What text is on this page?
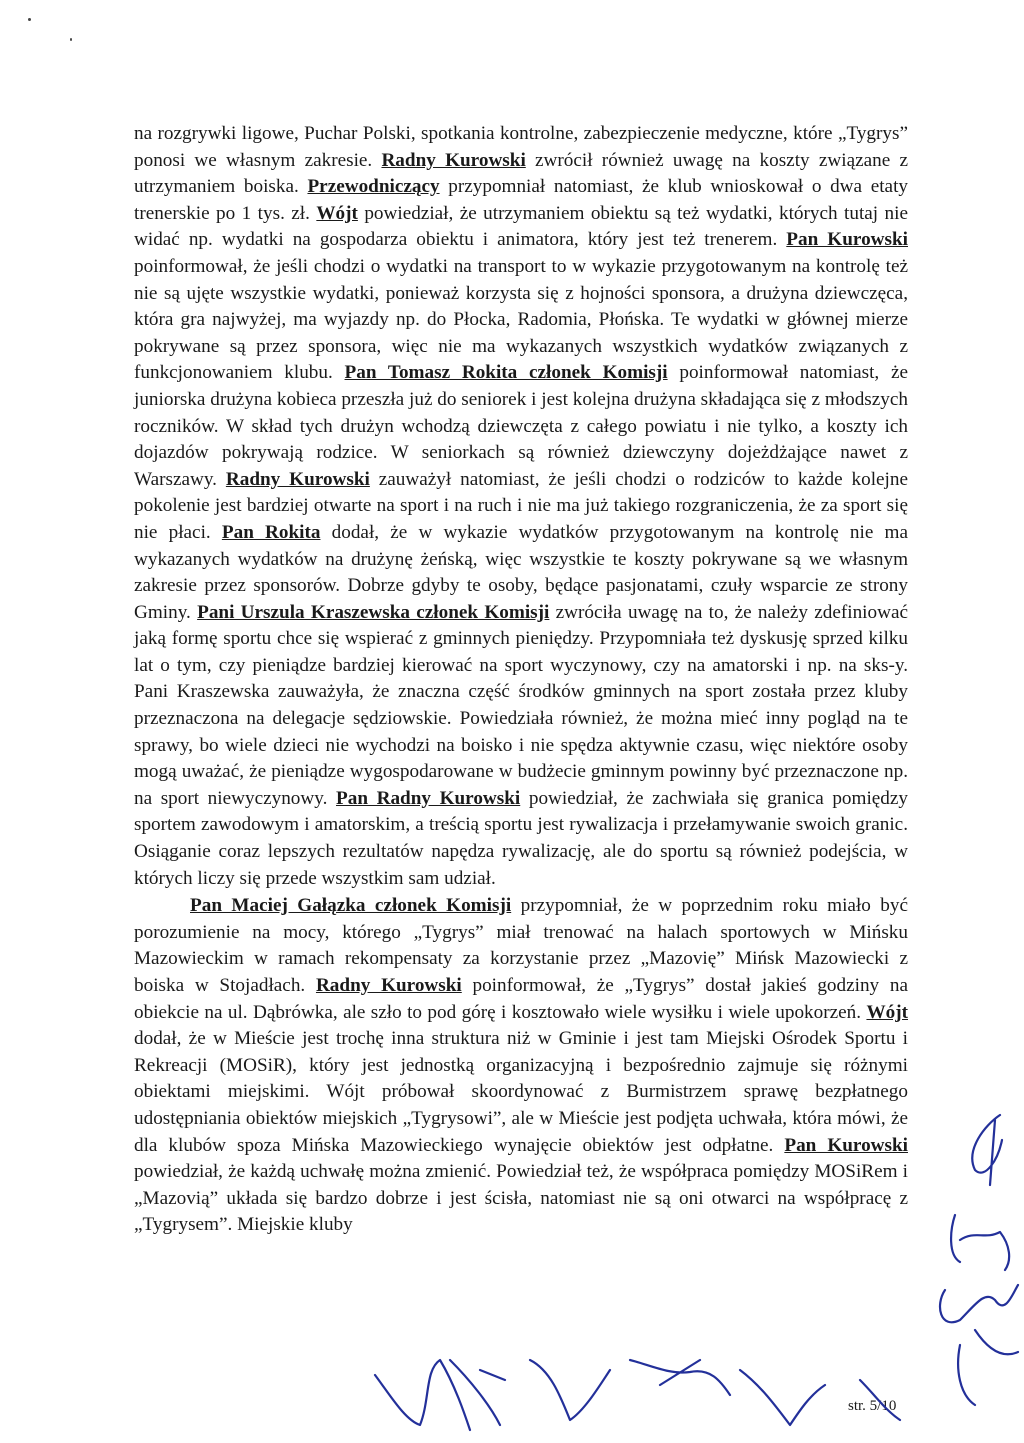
na rozgrywki ligowe, Puchar Polski, spotkania kontrolne, zabezpieczenie medyczne, które „Tygrys” ponosi we własnym zakresie. Radny Kurowski zwrócił również uwagę na koszty związane z utrzymaniem boiska. Przewodniczący przypomniał natomiast, że klub wnioskował o dwa etaty trenerskie po 1 tys. zł. Wójt powiedział, że utrzymaniem obiektu są też wydatki, których tutaj nie widać np. wydatki na gospodarza obiektu i animatora, który jest też trenerem. Pan Kurowski poinformował, że jeśli chodzi o wydatki na transport to w wykazie przygotowanym na kontrolę też nie są ujęte wszystkie wydatki, ponieważ korzysta się z hojności sponsora, a drużyna dziewczęca, która gra najwyżej, ma wyjazdy np. do Płocka, Radomia, Płońska. Te wydatki w głównej mierze pokrywane są przez sponsora, więc nie ma wykazanych wszystkich wydatków związanych z funkcjonowaniem klubu. Pan Tomasz Rokita członek Komisji poinformował natomiast, że juniorska drużyna kobieca przeszła już do seniorek i jest kolejna drużyna składająca się z młodszych roczników. W skład tych drużyn wchodzą dziewczęta z całego powiatu i nie tylko, a koszty ich dojazdów pokrywają rodzice. W seniorkach są również dziewczyny dojeżdżające nawet z Warszawy. Radny Kurowski zauważył natomiast, że jeśli chodzi o rodziców to każde kolejne pokolenie jest bardziej otwarte na sport i na ruch i nie ma już takiego rozgraniczenia, że za sport się nie płaci. Pan Rokita dodał, że w wykazie wydatków przygotowanym na kontrolę nie ma wykazanych wydatków na drużynę żeńską, więc wszystkie te koszty pokrywane są we własnym zakresie przez sponsorów. Dobrze gdyby te osoby, będące pasjonatami, czuły wsparcie ze strony Gminy. Pani Urszula Kraszewska członek Komisji zwróciła uwagę na to, że należy zdefiniować jaką formę sportu chce się wspierać z gminnych pieniędzy. Przypomniała też dyskusję sprzed kilku lat o tym, czy pieniądze bardziej kierować na sport wyczynowy, czy na amatorski i np. na sks-y. Pani Kraszewska zauważyła, że znaczna część środków gminnych na sport została przez kluby przeznaczona na delegacje sędziowskie. Powiedziała również, że można mieć inny pogląd na te sprawy, bo wiele dzieci nie wychodzi na boisko i nie spędza aktywnie czasu, więc niektóre osoby mogą uważać, że pieniądze wygospodarowane w budżecie gminnym powinny być przeznaczone np. na sport niewyczynowy. Pan Radny Kurowski powiedział, że zachwiała się granica pomiędzy sportem zawodowym i amatorskim, a treścią sportu jest rywalizacja i przełamywanie swoich granic. Osiąganie coraz lepszych rezultatów napędza rywalizację, ale do sportu są również podejścia, w których liczy się przede wszystkim sam udział.

Pan Maciej Gałązka członek Komisji przypomniał, że w poprzednim roku miało być porozumienie na mocy, którego „Tygrys” miał trenować na halach sportowych w Mińsku Mazowieckim w ramach rekompensaty za korzystanie przez „Mazovię” Mińsk Mazowiecki z boiska w Stojadłach. Radny Kurowski poinformował, że „Tygrys” dostał jakieś godziny na obiekcie na ul. Dąbrówka, ale szło to pod górę i kosztowało wiele wysiłku i wiele upokorzeń. Wójt dodał, że w Mieście jest trochę inna struktura niż w Gminie i jest tam Miejski Ośrodek Sportu i Rekreacji (MOSiR), który jest jednostką organizacyjną i bezpośrednio zajmuje się różnymi obiektami miejskimi. Wójt próbował skoordynować z Burmistrzem sprawę bezpłatnego udostępniania obiektów miejskich „Tygrysowi”, ale w Mieście jest podjęta uchwała, która mówi, że dla klubów spoza Mińska Mazowieckiego wynajęcie obiektów jest odpłatne. Pan Kurowski powiedział, że każdą uchwałę można zmienić. Powiedział też, że współpraca pomiędzy MOSiRem i „Mazovią” układa się bardzo dobrze i jest ścisła, natomiast nie są oni otwarci na współpracę z „Tygrysem”. Miejskie kluby

str. 5/10
